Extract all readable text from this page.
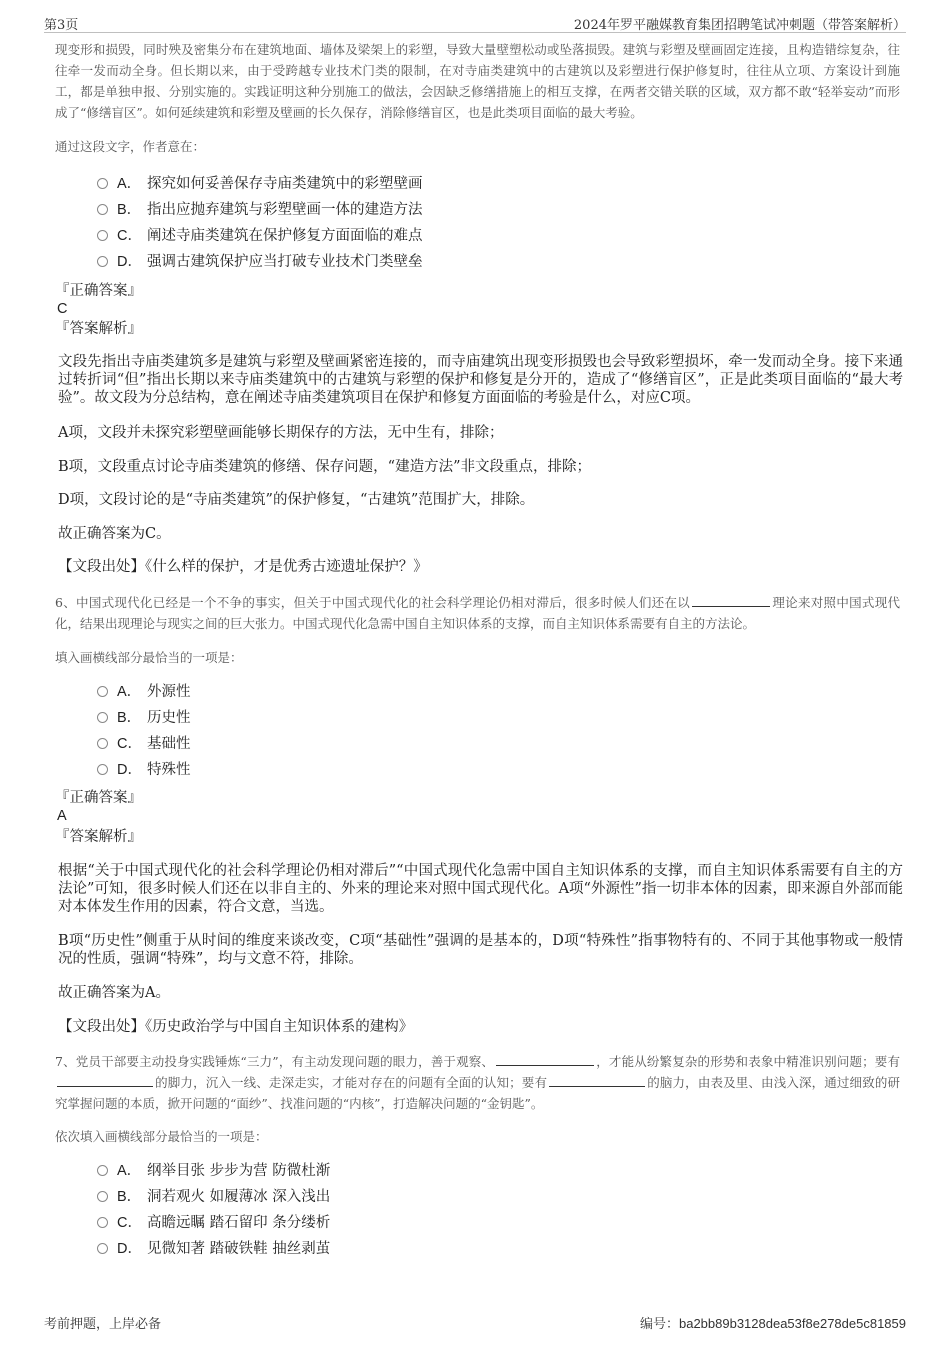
第3页	2024年罗平融媒教育集团招聘笔试冲刺题（带答案解析）

现变形和损毁，同时殃及密集分布在建筑地面、墙体及梁架上的彩塑，导致大量壁塑松动或坠落损毁。建筑与彩塑及壁画固定连接，且构造错综复杂，往往牵一发而动全身。但长期以来，由于受跨越专业技术门类的限制，在对寺庙类建筑中的古建筑以及彩塑进行保护修复时，往往从立项、方案设计到施工，都是单独申报、分别实施的。实践证明这种分别施工的做法，会因缺乏修缮措施上的相互支撑，在两者交错关联的区域，双方都不敢“轻举妄动”而形成了“修缮盲区”。如何延续建筑和彩塑及壁画的长久保存，消除修缮盲区，也是此类项目面临的最大考验。

通过这段文字，作者意在：

A． 探究如何妥善保存寺庙类建筑中的彩塑壁画
B． 指出应抛弃建筑与彩塑壁画一体的建造方法
C． 阐述寺庙类建筑在保护修复方面面临的难点
D． 强调古建筑保护应当打破专业技术门类壁垒

『正确答案』

C

『答案解析』

文段先指出寺庙类建筑多是建筑与彩塑及壁画紧密连接的，而寺庙建筑出现变形损毁也会导致彩塑损坏，牵一发而动全身。接下来通过转折词“但”指出长期以来寺庙类建筑中的古建筑与彩塑的保护和修复是分开的，造成了“修缮盲区”，正是此类项目面临的“最大考验”。故文段为分总结构，意在阐述寺庙类建筑项目在保护和修复方面面临的考验是什么，对应C项。

A项，文段并未探究彩塑壁画能够长期保存的方法，无中生有，排除；

B项，文段重点讨论寺庙类建筑的修缮、保存问题，“建造方法”非文段重点，排除；

D项，文段讨论的是“寺庙类建筑”的保护修复，“古建筑”范围扩大，排除。

故正确答案为C。

【文段出处】《什么样的保护，才是优秀古迹遗址保护？》

6、中国式现代化已经是一个不争的事实，但关于中国式现代化的社会科学理论仍相对滞后，很多时候人们还在以	理论来对照中国式现代化，结果出现理论与现实之间的巨大张力。中国式现代化急需中国自主知识体系的支撑，而自主知识体系需要有自主的方法论。

填入画横线部分最恰当的一项是：

A． 外源性
B． 历史性
C． 基础性
D． 特殊性

『正确答案』

A

『答案解析』

根据“关于中国式现代化的社会科学理论仍相对滞后”“中国式现代化急需中国自主知识体系的支撑，而自主知识体系需要有自主的方法论”可知，很多时候人们还在以非自主的、外来的理论来对照中国式现代化。A项“外源性”指一切非本体的因素，即来源自外部而能对本体发生作用的因素，符合文意，当选。

B项“历史性”侧重于从时间的维度来谈改变，C项“基础性”强调的是基本的，D项“特殊性”指事物特有的、不同于其他事物或一般情况的性质，强调“特殊”，均与文意不符，排除。

故正确答案为A。

【文段出处】《历史政治学与中国自主知识体系的建构》

7、党员干部要主动投身实践锤炼“三力”，有主动发现问题的眼力，善于观察、	，才能从纷繁复杂的形势和表象中精准识别问题；要有的脚力，沉入一线、走深走实，才能对存在的问题有全面的认知；要有	的脑力，由表及里、由浅入深，通过细致的研究掌握问题的本质，掀开问题的“面纱”、找准问题的“内核”，打造解决问题的“金钥匙”。

依次填入画横线部分最恰当的一项是：

A． 纲举目张 步步为营 防微杜渐
B． 洞若观火 如履薄冰 深入浅出
C． 高瞻远瞩 踏石留印 条分缕析
D． 见微知著 踏破铁鞋 抽丝剥茧
考前押题，上岸必备	编号：ba2bb89b3128dea53f8e278de5c81859
